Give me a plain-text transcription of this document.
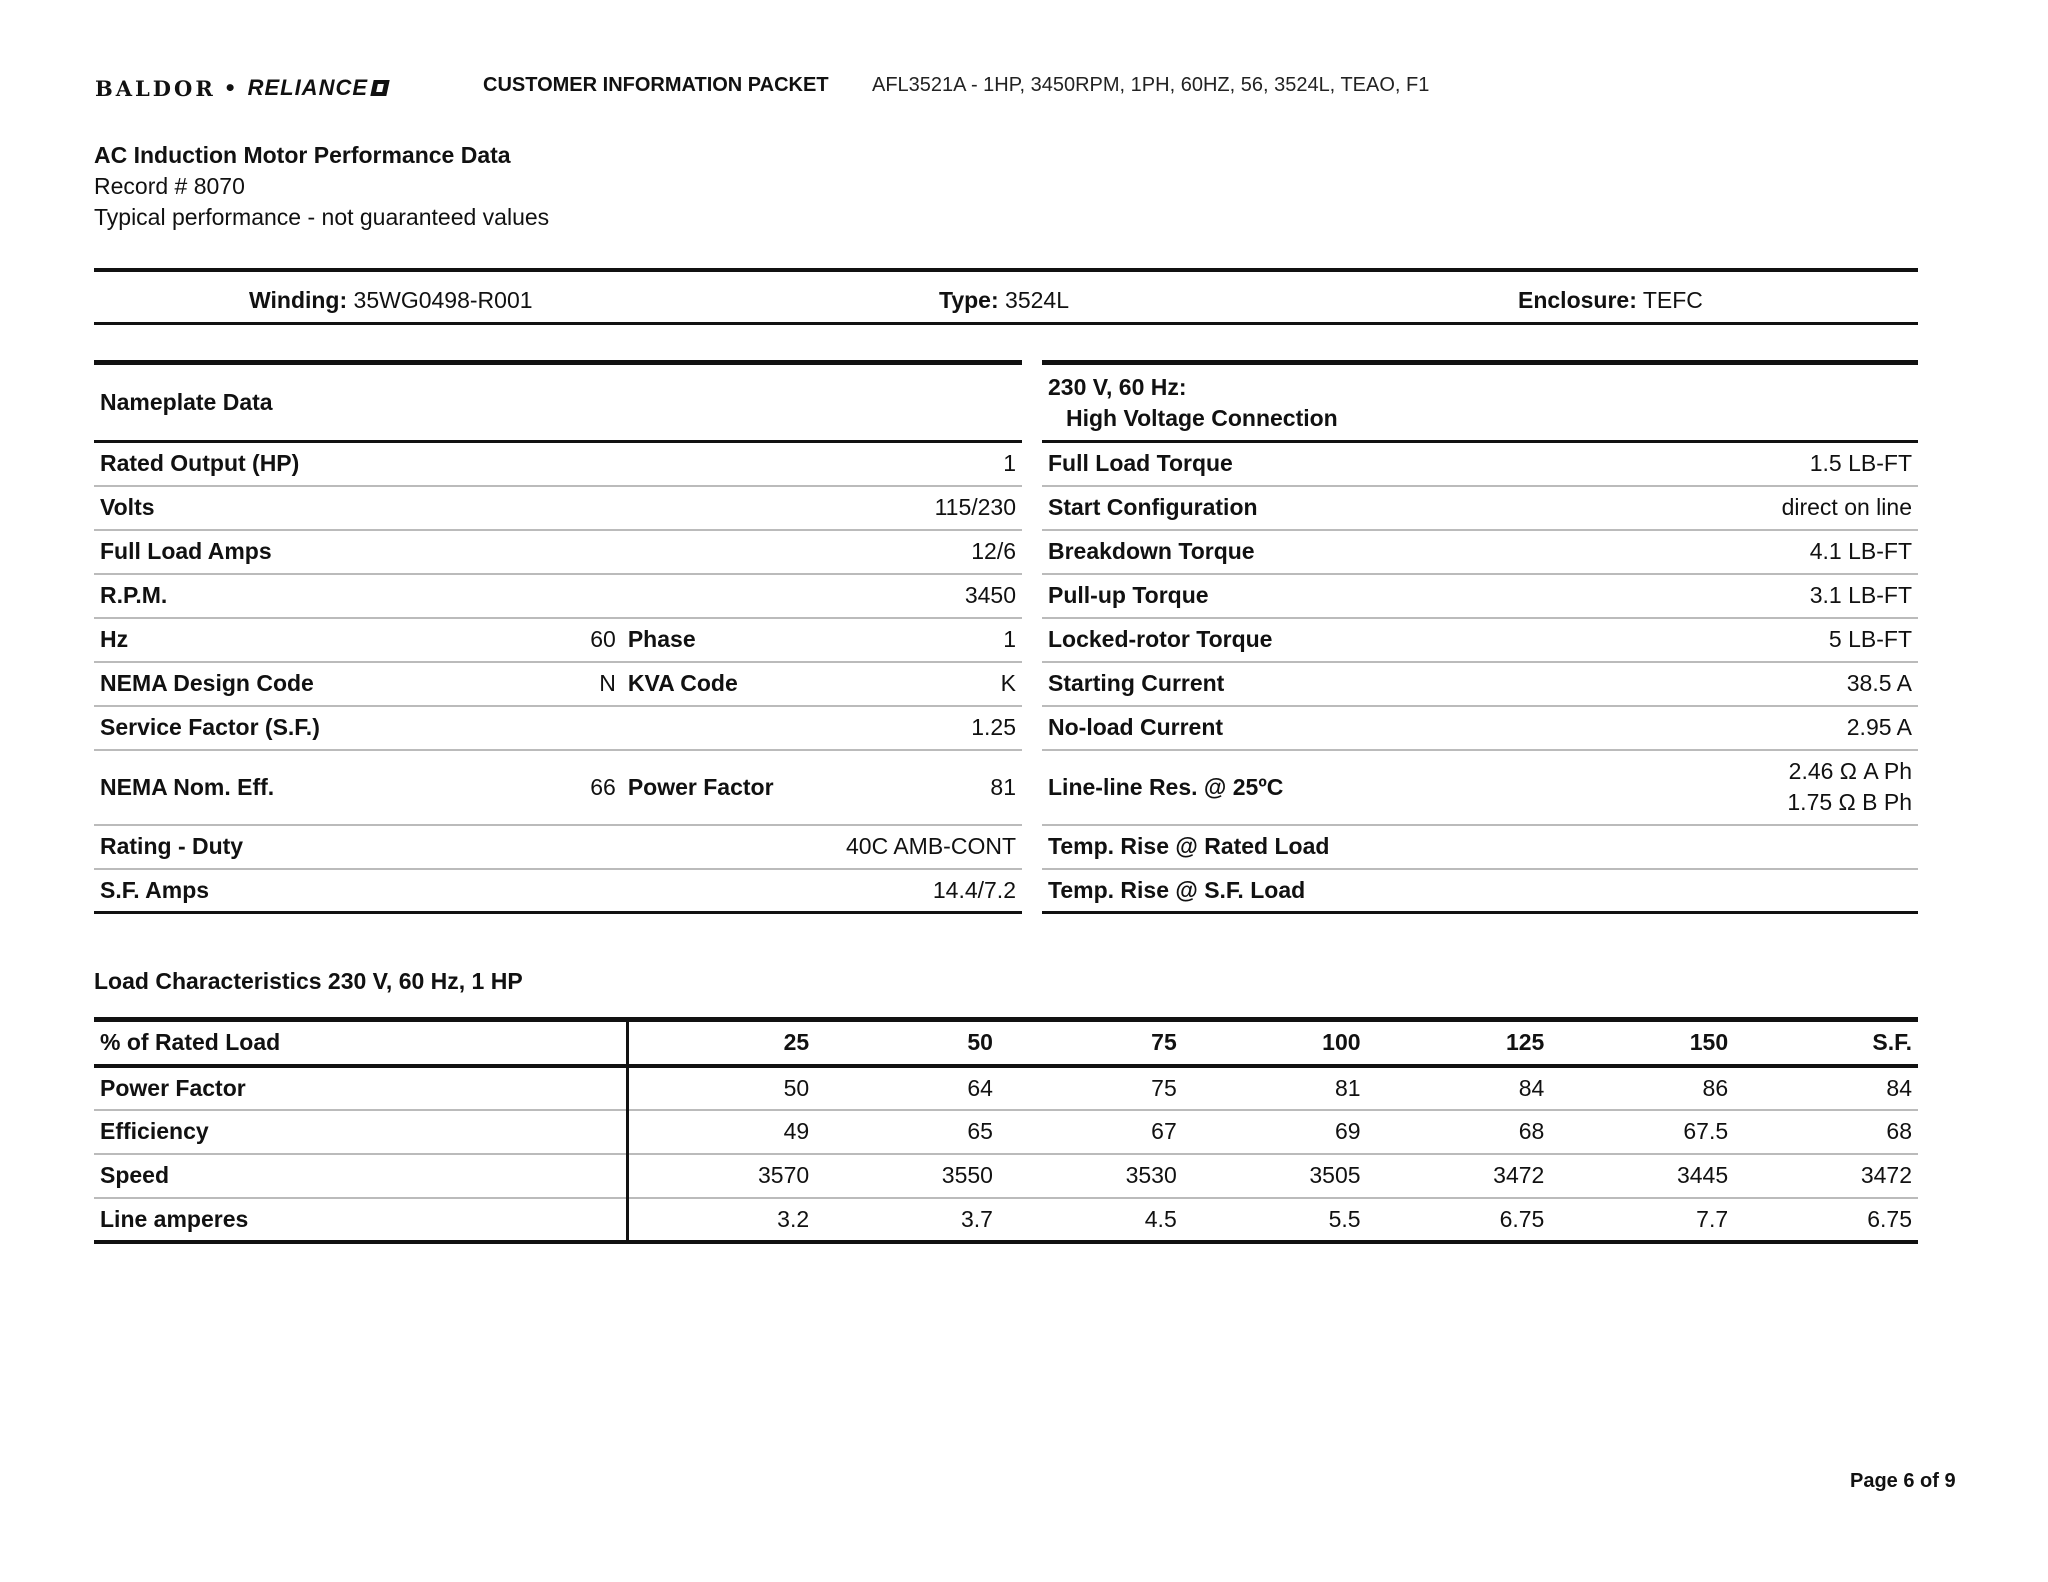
BALDOR • RELIANCE	CUSTOMER INFORMATION PACKET AFL3521A - 1HP, 3450RPM, 1PH, 60HZ, 56, 3524L, TEAO, F1
AC Induction Motor Performance Data
Record # 8070
Typical performance - not guaranteed values
Winding: 35WG0498-R001	Type: 3524L	Enclosure: TEFC
Nameplate Data			
Rated Output (HP)			1
Volts			115/230
Full Load Amps			12/6
R.P.M.			3450
Hz	60	Phase	1
NEMA Design Code	N	KVA Code	K
Service Factor (S.F.)			1.25
NEMA Nom. Eff.	66	Power Factor	81
Rating - Duty			40C AMB-CONT
S.F. Amps			14.4/7.2
230 V, 60 Hz:
High Voltage Connection	

Full Load Torque	1.5 LB-FT
Start Configuration	direct on line
Breakdown Torque	4.1 LB-FT
Pull-up Torque	3.1 LB-FT
Locked-rotor Torque	5 LB-FT
Starting Current	38.5 A
No-load Current	2.95 A
Line-line Res. @ 25ºC	2.46 Ω A Ph
1.75 Ω B Ph

Temp. Rise @ Rated Load	
Temp. Rise @ S.F. Load	
Load Characteristics 230 V, 60 Hz, 1 HP
% of Rated Load	25	50	75	100	125	150	S.F.
Power Factor	50	64	75	81	84	86	84
Efficiency	49	65	67	69	68	67.5	68
Speed	3570	3550	3530	3505	3472	3445	3472
Line amperes	3.2	3.7	4.5	5.5	6.75	7.7	6.75
Page 6 of 9
